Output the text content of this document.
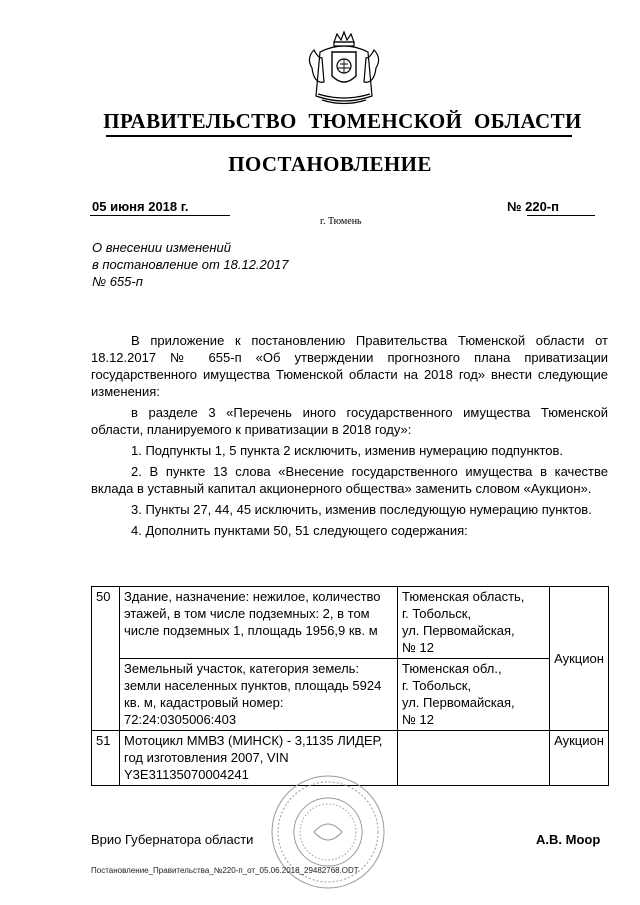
ПРАВИТЕЛЬСТВО ТЮМЕНСКОЙ ОБЛАСТИ
ПОСТАНОВЛЕНИЕ
05 июня 2018 г.	№ 220-п
г. Тюмень
О внесении изменений
в постановление от 18.12.2017
№ 655-п

В приложение к постановлению Правительства Тюменской области от 18.12.2017 № 655-п «Об утверждении прогнозного плана приватизации государственного имущества Тюменской области на 2018 год» внести следующие изменения:

в разделе 3 «Перечень иного государственного имущества Тюменской области, планируемого к приватизации в 2018 году»:

1. Подпункты 1, 5 пункта 2 исключить, изменив нумерацию подпунктов.

2. В пункте 13 слова «Внесение государственного имущества в качестве вклада в уставный капитал акционерного общества» заменить словом «Аукцион».

3. Пункты 27, 44, 45 исключить, изменив последующую нумерацию пунктов.

4. Дополнить пунктами 50, 51 следующего содержания:

50	Здание, назначение: нежилое, количество этажей, в том числе подземных: 2, в том числе подземных 1, площадь 1956,9 кв. м	Тюменская область,
г. Тобольск,
ул. Первомайская,
№ 12	Аукцион
	Земельный участок, категория земель: земли населенных пунктов, площадь 5924 кв. м, кадастровый номер: 72:24:0305006:403	Тюменская обл.,
г. Тобольск,
ул. Первомайская,
№ 12	

51	Мотоцикл ММВЗ (МИНСК) - 3,1135 ЛИДЕР, год изготовления 2007, VIN Y3E31135070004241		Аукцион
Врио Губернатора области	А.В. Моор
Постановление_Правительства_№220-п_от_05.06.2018_29482768.ODT
